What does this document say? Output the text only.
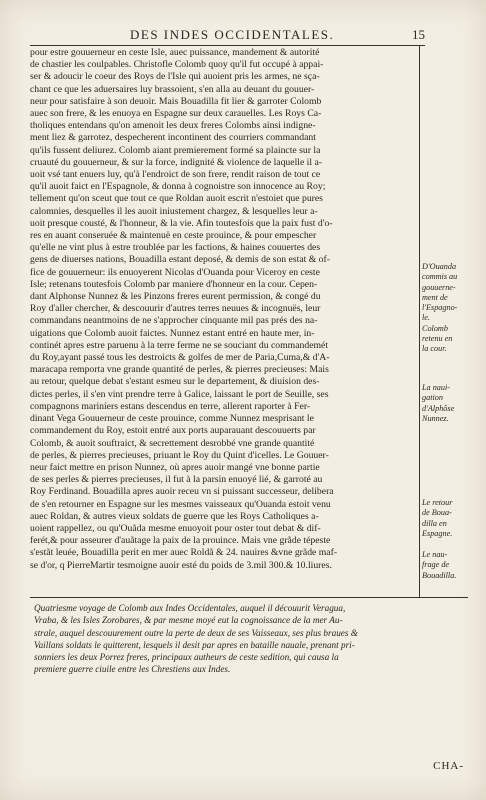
DES INDES OCCIDENTALES.	15
pour estre gouuerneur en ceste Isle, auec puissance, mandement & autorité
de chastier les coulpables. Christofle Colomb quoy qu'il fut occupé à appai-
ser & adoucir le coeur des Roys de l'Isle qui auoient pris les armes, ne sça-
chant ce que les aduersaires luy brassoient, s'en alla au deuant du gouuer-
neur pour satisfaire à son deuoir. Mais Bouadilla fit lier & garroter Colomb
auec son frere, & les enuoya en Espagne sur deux carauelles. Les Roys Ca-
tholiques entendans qu'on amenoit les deux freres Colombs ainsi indigne-
ment liez & garrotez, despecherent incontinent des courriers commandant
qu'ils fussent deliurez. Colomb aiant premierement formé sa plaincte sur la
cruauté du gouuerneur, & sur la force, indignité & violence de laquelle il a-
uoit vsé tant enuers luy, qu'à l'endroict de son frere, rendit raison de tout ce
qu'il auoit faict en l'Espagnole, & donna à cognoistre son innocence au Roy;
tellement qu'on sceut que tout ce que Roldan auoit escrit n'estoiet que pures
calomnies, desquelles il les auoit iniustement chargez, & lesquelles leur a-
uoit presque cousté, & l'honneur, & la vie. Afin toutesfois que la paix fust d'o-
res en auant conseruée & maintenuë en ceste prouince, & pour empescher
qu'elle ne vint plus à estre troublée par les factions, & haines couuertes des
gens de diuerses nations, Bouadilla estant deposé, & demis de son estat & of-
fice de gouuerneur: ils enuoyerent Nicolas d'Ouanda pour Viceroy en ceste
Isle; retenans toutesfois Colomb par maniere d'honneur en la cour. Cepen-
dant Alphonse Nunnez & les Pinzons freres eurent permission, & congé du
Roy d'aller chercher, & descouurir d'autres terres neuues & incognuës, leur
commandans neantmoins de ne s'approcher cinquante mil pas prés des na-
uigations que Colomb auoit faictes. Nunnez estant entré en haute mer, in-
continét apres estre paruenu à la terre ferme ne se souciant du commandemét
du Roy,ayant passé tous les destroicts & golfes de mer de Paria,Cuma,& d'A-
maracapa remporta vne grande quantité de perles, & pierres precieuses: Mais
au retour, quelque debat s'estant esmeu sur le departement, & diuision des-
dictes perles, il s'en vint prendre terre à Galice, laissant le port de Seuille, ses
compagnons mariniers estans descendus en terre, allerent raporter à Fer-
dinant Vega Gouuerneur de ceste prouince, comme Nunnez mesprisant le
commandement du Roy, estoit entré aux ports auparauant descouuerts par
Colomb, & auoit souftraict, & secrettement desrobbé vne grande quantité
de perles, & pierres precieuses, priuant le Roy du Quint d'icelles. Le Gouuer-
neur faict mettre en prison Nunnez, où apres auoir mangé vne bonne partie
de ses perles & pierres precieuses, il fut à la parsin enuoyé lié, & garroté au
Roy Ferdinand. Bouadilla apres auoir receu vn si puissant successeur, delibera
de s'en retourner en Espagne sur les mesmes vaisseaux qu'Ouanda estoit venu
auec Roldan, & autres vieux soldats de guerre que les Roys Catholiques a-
uoient rappellez, ou qu'Ouãda mesme enuoyoit pour oster tout debat & dif-
ferét,& pour asseurer d'auãtage la paix de la prouince. Mais vne grãde tépeste
s'estãt leuée, Bouadilla perit en mer auec Roldã & 24. nauires &vne grãde maf-
se d'or, q PierreMartir tesmoigne auoir esté du poids de 3.mil 300.& 10.liures.
D'Ouanda
commis au
gouuerne-
ment de
l'Espagno-
le.
Colomb
retenu en
la cour.
La naui-
gation
d'Alphôse
Nunnez.
Le retour
de Boua-
dilla en
Espagne.
Le nau-
frage de
Bouadilla.
Quatriesme voyage de Colomb aux Indes Occidentales, auquel il découurit Veragua,
Vraba, & les Isles Zorobares, & par mesme moyé eut la cognoissance de la mer Au-
strale, auquel descouurement outre la perte de deux de ses Vaisseaux, ses plus braues &
Vaillans soldats le quitterent, lesquels il desit par apres en bataille nauale, prenant pri-
sonniers les deux Porrez freres, principaux autheurs de ceste sedition, qui causa la
premiere guerre ciuile entre les Chrestiens aux Indes.
CHA-
